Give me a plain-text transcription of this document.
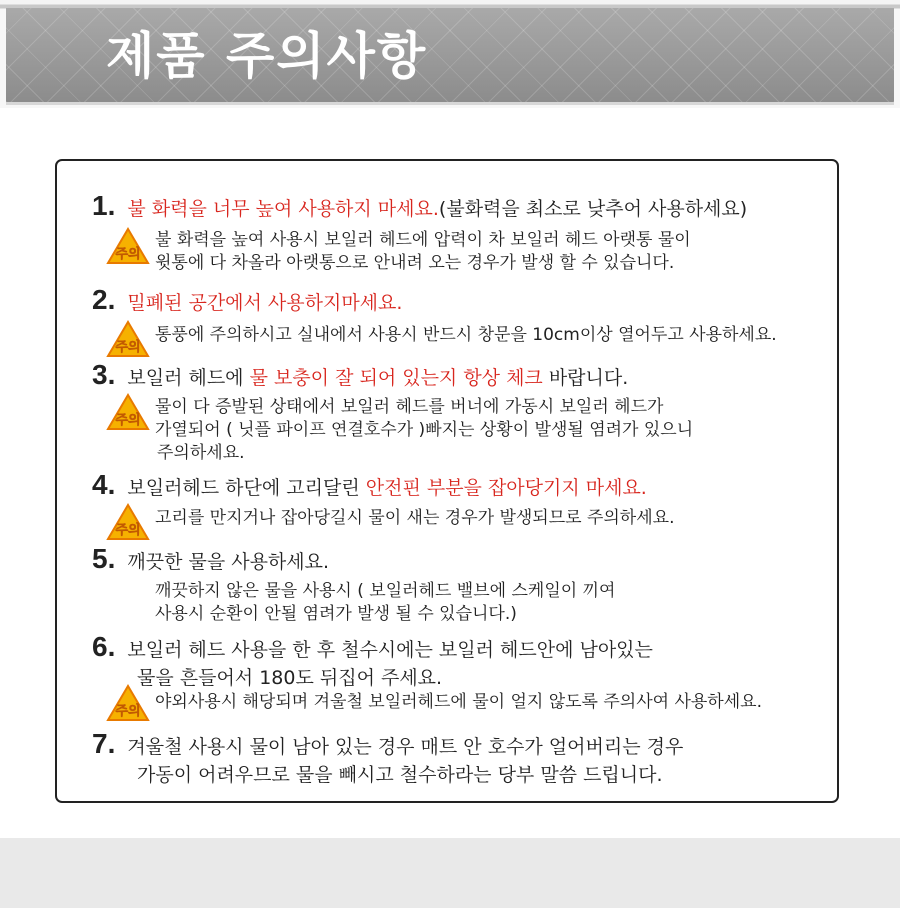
제품 주의사항
1. 불 화력을 너무 높여 사용하지 마세요.(불화력을 최소로 낮추어 사용하세요)
주의
불 화력을 높여 사용시 보일러 헤드에 압력이 차 보일러 헤드 아랫통 물이
윗통에 다 차올라 아랫통으로 안내려 오는 경우가 발생 할 수 있습니다.
2. 밀폐된 공간에서 사용하지마세요.
주의
통풍에 주의하시고 실내에서 사용시 반드시 창문을 10cm이상 열어두고 사용하세요.
3. 보일러 헤드에 물 보충이 잘 되어 있는지 항상 체크 바랍니다.
주의
물이 다 증발된 상태에서 보일러 헤드를 버너에 가동시 보일러 헤드가
가열되어 ( 닛플 파이프 연결호수가 )빠지는 상황이 발생될 염려가 있으니
주의하세요.
4. 보일러헤드 하단에 고리달린 안전핀 부분을 잡아당기지 마세요.
주의
고리를 만지거나 잡아당길시 물이 새는 경우가 발생되므로 주의하세요.
5. 깨끗한 물을 사용하세요.
깨끗하지 않은 물을 사용시 ( 보일러헤드 밸브에 스케일이 끼여
사용시 순환이 안될 염려가 발생 될 수 있습니다.)
6. 보일러 헤드 사용을 한 후 철수시에는 보일러 헤드안에 남아있는
물을 흔들어서 180도 뒤집어 주세요.
주의 야외사용시 해당되며 겨울철 보일러헤드에 물이 얼지 않도록 주의사여 사용하세요.
7. 겨울철 사용시 물이 남아 있는 경우 매트 안 호수가 얼어버리는 경우
가동이 어려우므로 물을 빼시고 철수하라는 당부 말씀 드립니다.
